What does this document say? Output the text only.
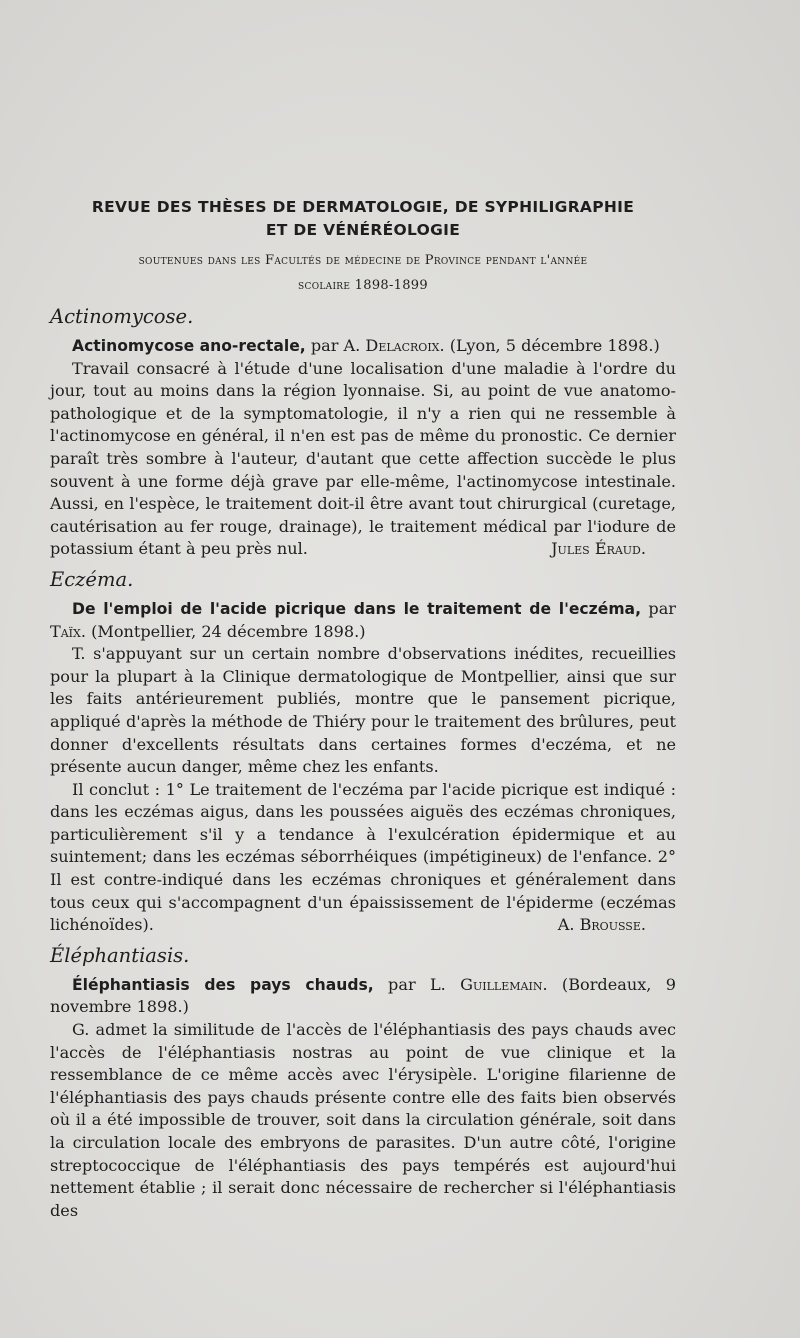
REVUE DES THÈSES DE DERMATOLOGIE, DE SYPHILIGRAPHIE
ET DE VÉNÉRÉOLOGIE
soutenues dans les Facultés de médecine de Province pendant l'année
scolaire 1898-1899
Actinomycose.

Actinomycose ano-rectale, par A. Delacroix. (Lyon, 5 décembre 1898.)

Travail consacré à l'étude d'une localisation d'une maladie à l'ordre du jour, tout au moins dans la région lyonnaise. Si, au point de vue anatomo-pathologique et de la symptomatologie, il n'y a rien qui ne ressemble à l'actinomycose en général, il n'en est pas de même du pronostic. Ce dernier paraît très sombre à l'auteur, d'autant que cette affection succède le plus souvent à une forme déjà grave par elle-même, l'actinomycose intestinale. Aussi, en l'espèce, le traitement doit-il être avant tout chirurgical (curetage, cautérisation au fer rouge, drainage), le traitement médical par l'iodure de potassium étant à peu près nul.	Jules Éraud.

Eczéma.

De l'emploi de l'acide picrique dans le traitement de l'eczéma, par Taïx. (Montpellier, 24 décembre 1898.)

T. s'appuyant sur un certain nombre d'observations inédites, recueillies pour la plupart à la Clinique dermatologique de Montpellier, ainsi que sur les faits antérieurement publiés, montre que le pansement picrique, appliqué d'après la méthode de Thiéry pour le traitement des brûlures, peut donner d'excellents résultats dans certaines formes d'eczéma, et ne présente aucun danger, même chez les enfants.

Il conclut : 1° Le traitement de l'eczéma par l'acide picrique est indiqué : dans les eczémas aigus, dans les poussées aiguës des eczémas chroniques, particulièrement s'il y a tendance à l'exulcération épidermique et au suintement; dans les eczémas séborrhéiques (impétigineux) de l'enfance. 2° Il est contre-indiqué dans les eczémas chroniques et généralement dans tous ceux qui s'accompagnent d'un épaississement de l'épiderme (eczémas lichénoïdes).	A. Brousse.

Éléphantiasis.

Éléphantiasis des pays chauds, par L. Guillemain. (Bordeaux, 9 novembre 1898.)

G. admet la similitude de l'accès de l'éléphantiasis des pays chauds avec l'accès de l'éléphantiasis nostras au point de vue clinique et la ressemblance de ce même accès avec l'érysipèle. L'origine filarienne de l'éléphantiasis des pays chauds présente contre elle des faits bien observés où il a été impossible de trouver, soit dans la circulation générale, soit dans la circulation locale des embryons de parasites. D'un autre côté, l'origine streptococcique de l'éléphantiasis des pays tempérés est aujourd'hui nettement établie ; il serait donc nécessaire de rechercher si l'éléphantiasis des
